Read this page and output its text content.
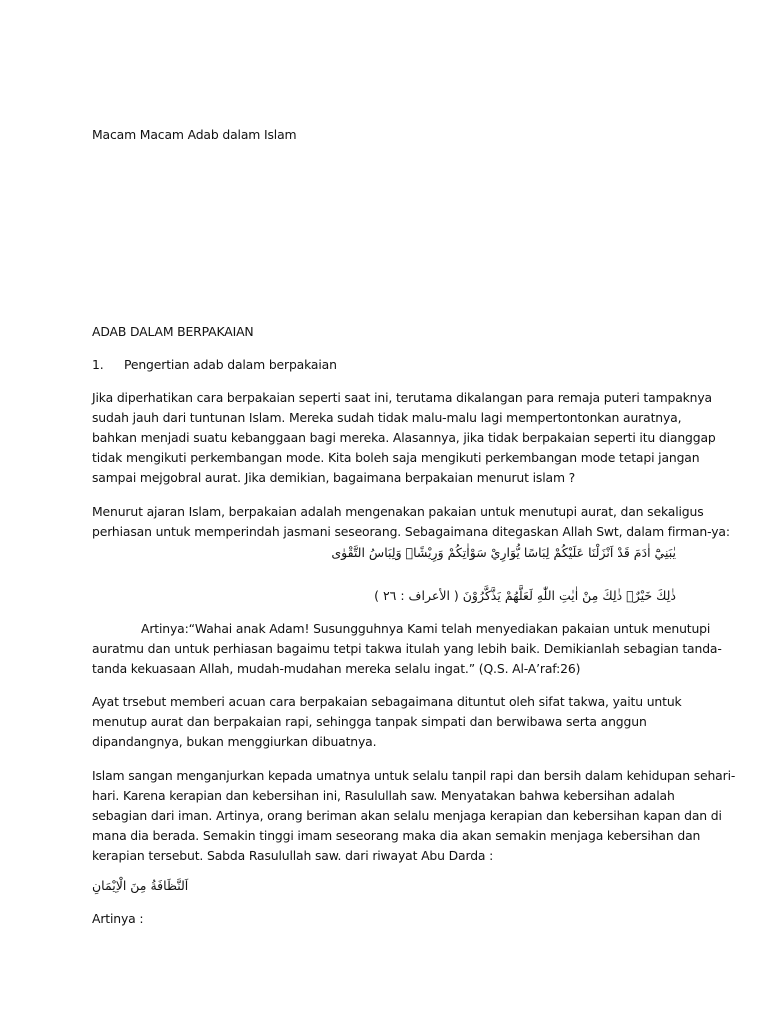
Macam Macam Adab dalam Islam
ADAB DALAM BERPAKAIAN
1. Pengertian adab dalam berpakaian
Jika diperhatikan cara berpakaian seperti saat ini, terutama dikalangan para remaja puteri tampaknya
sudah jauh dari tuntunan Islam. Mereka sudah tidak malu-malu lagi mempertontonkan auratnya,
bahkan menjadi suatu kebanggaan bagi mereka. Alasannya, jika tidak berpakaian seperti itu dianggap
tidak mengikuti perkembangan mode. Kita boleh saja mengikuti perkembangan mode tetapi jangan
sampai mejgobral aurat. Jika demikian, bagaimana berpakaian menurut islam ?
Menurut ajaran Islam, berpakaian adalah mengenakan pakaian untuk menutupi aurat, dan sekaligus
perhiasan untuk memperindah jasmani seseorang. Sebagaimana ditegaskan Allah Swt, dalam firman-ya:
يٰبَنِيْٓ اٰدَمَ قَدْ اَنْزَلْنَا عَلَيْكُمْ لِبَاسًا يُّوَارِيْ سَوْاٰتِكُمْ وَرِيْشًاۗ وَلِبَاسُ التَّقْوٰى
ذٰلِكَ خَيْرٌۗ ذٰلِكَ مِنْ اٰيٰتِ اللّٰهِ لَعَلَّهُمْ يَذَّكَّرُوْنَ ( الأعراف : ٢٦ )
Artinya:“Wahai anak Adam! Susungguhnya Kami telah menyediakan pakaian untuk menutupi
auratmu dan untuk perhiasan bagaimu tetpi takwa itulah yang lebih baik. Demikianlah sebagian tanda-
tanda kekuasaan Allah, mudah-mudahan mereka selalu ingat.” (Q.S. Al-A’raf:26)
Ayat trsebut memberi acuan cara berpakaian sebagaimana dituntut oleh sifat takwa, yaitu untuk
menutup aurat dan berpakaian rapi, sehingga tanpak simpati dan berwibawa serta anggun
dipandangnya, bukan menggiurkan dibuatnya.
Islam sangan menganjurkan kepada umatnya untuk selalu tanpil rapi dan bersih dalam kehidupan sehari-
hari. Karena kerapian dan kebersihan ini, Rasulullah saw. Menyatakan bahwa kebersihan adalah
sebagian dari iman. Artinya, orang beriman akan selalu menjaga kerapian dan kebersihan kapan dan di
mana dia berada. Semakin tinggi imam seseorang maka dia akan semakin menjaga kebersihan dan
kerapian tersebut. Sabda Rasulullah saw. dari riwayat Abu Darda :
اَلنَّظَافَةُ مِنَ الْاِيْمَانِ
Artinya :
